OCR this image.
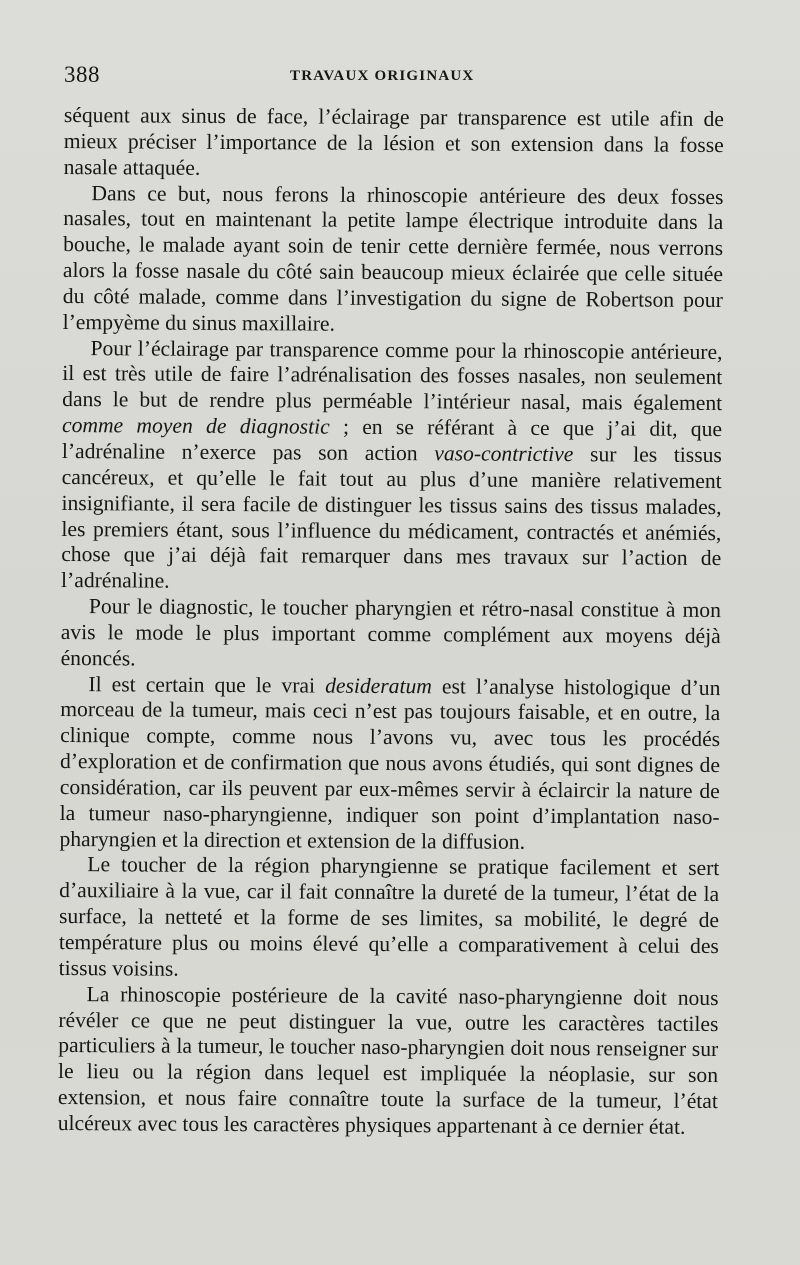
388	TRAVAUX ORIGINAUX

séquent aux sinus de face, l’éclairage par transparence est utile afin de mieux préciser l’importance de la lésion et son extension dans la fosse nasale attaquée.

Dans ce but, nous ferons la rhinoscopie antérieure des deux fosses nasales, tout en maintenant la petite lampe électrique introduite dans la bouche, le malade ayant soin de tenir cette dernière fermée, nous verrons alors la fosse nasale du côté sain beaucoup mieux éclairée que celle située du côté malade, comme dans l’investigation du signe de Robertson pour l’empyème du sinus maxillaire.

Pour l’éclairage par transparence comme pour la rhinoscopie antérieure, il est très utile de faire l’adrénalisation des fosses nasales, non seulement dans le but de rendre plus perméable l’intérieur nasal, mais également comme moyen de diagnostic ; en se référant à ce que j’ai dit, que l’adrénaline n’exerce pas son action vaso-contrictive sur les tissus cancéreux, et qu’elle le fait tout au plus d’une manière relativement insignifiante, il sera facile de distinguer les tissus sains des tissus malades, les premiers étant, sous l’influence du médicament, contractés et anémiés, chose que j’ai déjà fait remarquer dans mes travaux sur l’action de l’adrénaline.

Pour le diagnostic, le toucher pharyngien et rétro-nasal constitue à mon avis le mode le plus important comme complément aux moyens déjà énoncés.

Il est certain que le vrai desideratum est l’analyse histologique d’un morceau de la tumeur, mais ceci n’est pas toujours faisable, et en outre, la clinique compte, comme nous l’avons vu, avec tous les procédés d’exploration et de confirmation que nous avons étudiés, qui sont dignes de considération, car ils peuvent par eux-mêmes servir à éclaircir la nature de la tumeur naso-pharyngienne, indiquer son point d’implantation naso-pharyngien et la direction et extension de la diffusion.

Le toucher de la région pharyngienne se pratique facilement et sert d’auxiliaire à la vue, car il fait connaître la dureté de la tumeur, l’état de la surface, la netteté et la forme de ses limites, sa mobilité, le degré de température plus ou moins élevé qu’elle a comparativement à celui des tissus voisins.

La rhinoscopie postérieure de la cavité naso-pharyngienne doit nous révéler ce que ne peut distinguer la vue, outre les caractères tactiles particuliers à la tumeur, le toucher naso-pharyngien doit nous renseigner sur le lieu ou la région dans lequel est impliquée la néoplasie, sur son extension, et nous faire connaître toute la surface de la tumeur, l’état ulcéreux avec tous les caractères physiques appartenant à ce dernier état.
